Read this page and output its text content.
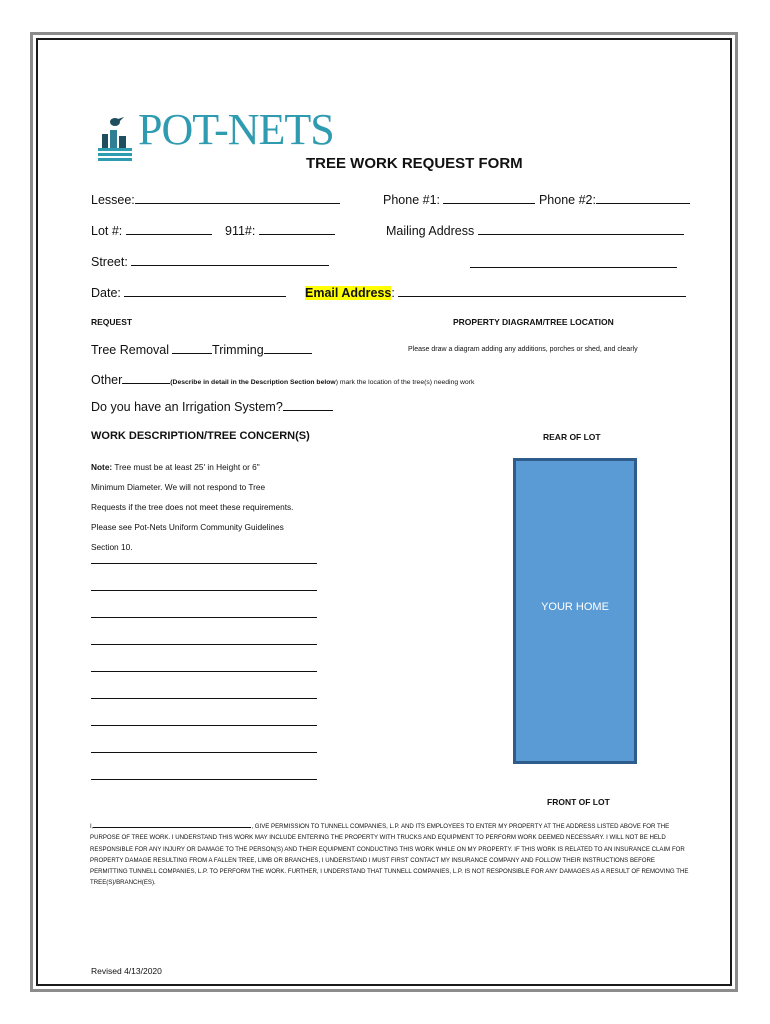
POT-NETS
TREE WORK REQUEST FORM
Lessee:	Phone #1:	Phone #2:
Lot #:	911#:	Mailing Address
Street:
Date:	Email Address:
REQUEST	PROPERTY DIAGRAM/TREE LOCATION
Tree Removal	Trimming	Please draw a diagram adding any additions, porches or shed, and clearly
Other	(Describe in detail in the Description Section below) mark the location of the tree(s) needing work
Do you have an Irrigation System?
WORK DESCRIPTION/TREE CONCERN(S)	REAR OF LOT
Note: Tree must be at least 25' in Height or 6"
Minimum Diameter. We will not respond to Tree
Requests if the tree does not meet these requirements.
Please see Pot-Nets Uniform Community Guidelines
Section 10.
YOUR HOME
FRONT OF LOT
I,	, GIVE PERMISSION TO TUNNELL COMPANIES, L.P. AND ITS EMPLOYEES TO ENTER MY PROPERTY AT THE ADDRESS LISTED ABOVE FOR THE PURPOSE OF TREE WORK. I UNDERSTAND THIS WORK MAY INCLUDE ENTERING THE PROPERTY WITH TRUCKS AND EQUIPMENT TO PERFORM WORK DEEMED NECESSARY. I WILL NOT BE HELD RESPONSIBLE FOR ANY INJURY OR DAMAGE TO THE PERSON(S) AND THEIR EQUIPMENT CONDUCTING THIS WORK WHILE ON MY PROPERTY. IF THIS WORK IS RELATED TO AN INSURANCE CLAIM FOR PROPERTY DAMAGE RESULTING FROM A FALLEN TREE, LIMB OR BRANCHES, I UNDERSTAND I MUST FIRST CONTACT MY INSURANCE COMPANY AND FOLLOW THEIR INSTRUCTIONS BEFORE PERMITTING TUNNELL COMPANIES, L.P. TO PERFORM THE WORK. FURTHER, I UNDERSTAND THAT TUNNELL COMPANIES, L.P. IS NOT RESPONSIBLE FOR ANY DAMAGES AS A RESULT OF REMOVING THE TREE(S)/BRANCH(ES).
Revised 4/13/2020
